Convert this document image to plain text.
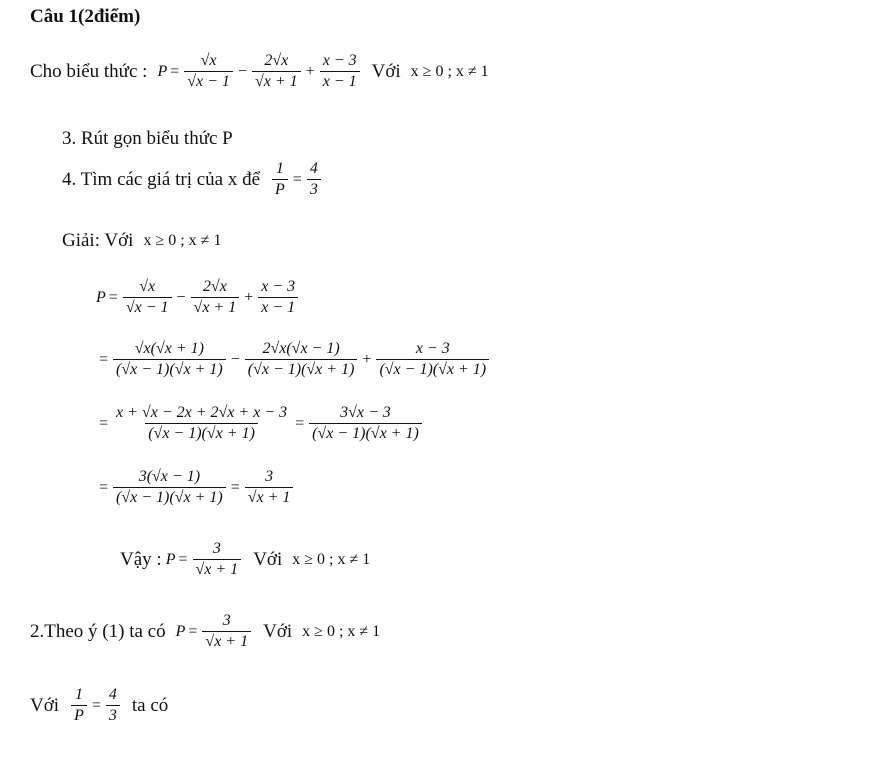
Câu 1(2điểm)
Cho biểu thức : $P = \frac{√x}{√x - 1} - \frac{2√x}{√x + 1} + \frac{x - 3}{x - 1}$ Với x ≥ 0 ; x ≠ 1
3. Rút gọn biểu thức P
4. Tìm các giá trị của x để $\frac{1}{P} = \frac{4}{3}$
Giải: Với x ≥ 0 ; x ≠ 1
$P = \frac{√x}{√x - 1} - \frac{2√x}{√x + 1} + \frac{x - 3}{x - 1}$
= $\frac{√x(√x + 1)}{(√x - 1)(√x + 1)} - \frac{2√x(√x - 1)}{(√x - 1)(√x + 1)} + \frac{x - 3}{(√x - 1)(√x + 1)}$
= $\frac{x + √x - 2x + 2√x + x - 3}{(√x - 1)(√x + 1)} = \frac{3√x - 3}{(√x - 1)(√x + 1)}$
= $\frac{3(√x - 1)}{(√x - 1)(√x + 1)} = \frac{3}{√x + 1}$
Vậy : $P = \frac{3}{√x + 1}$ Với x ≥ 0 ; x ≠ 1
2.Theo ý (1) ta có $P = \frac{3}{√x + 1}$ Với x ≥ 0 ; x ≠ 1
Với $\frac{1}{P} = \frac{4}{3}$ ta có
